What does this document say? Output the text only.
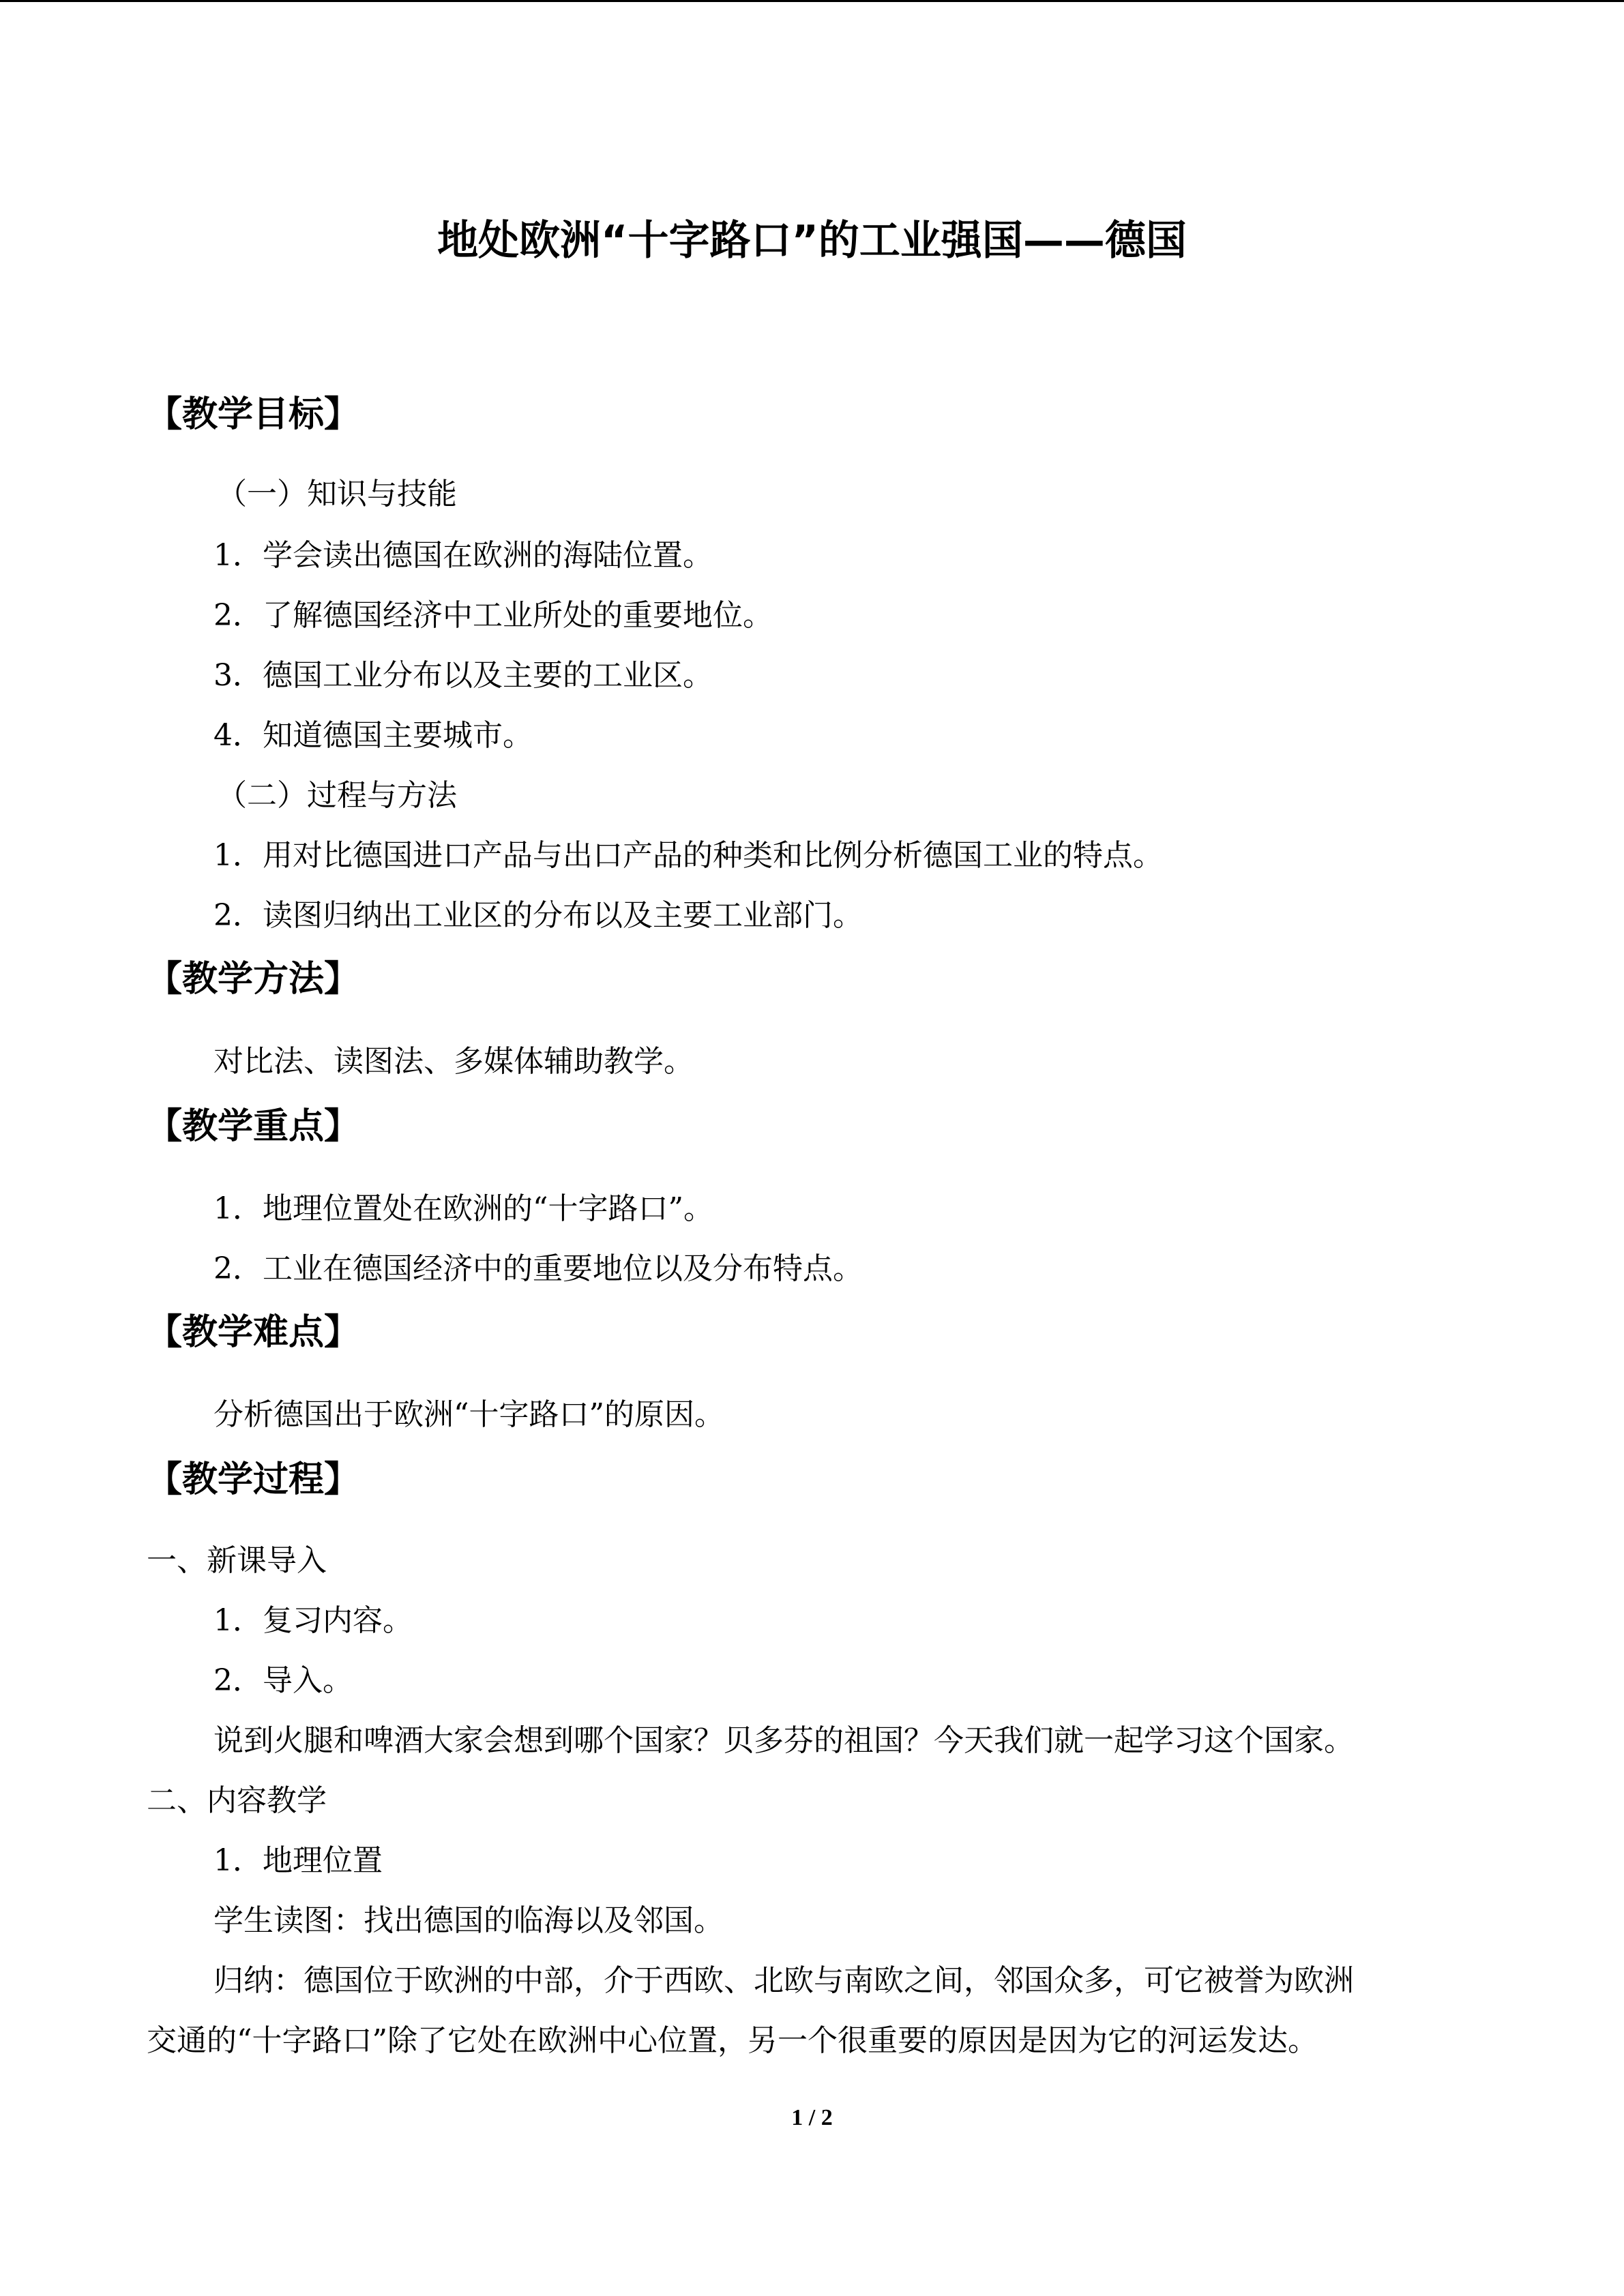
地处欧洲“十字路口”的工业强国——德国
【教学目标】
（一）知识与技能
1．学会读出德国在欧洲的海陆位置。
2．了解德国经济中工业所处的重要地位。
3．德国工业分布以及主要的工业区。
4．知道德国主要城市。
（二）过程与方法
1．用对比德国进口产品与出口产品的种类和比例分析德国工业的特点。
2．读图归纳出工业区的分布以及主要工业部门。
【教学方法】
对比法、读图法、多媒体辅助教学。
【教学重点】
1．地理位置处在欧洲的“十字路口”。
2．工业在德国经济中的重要地位以及分布特点。
【教学难点】
分析德国出于欧洲“十字路口”的原因。
【教学过程】
一、新课导入
1．复习内容。
2．导入。
说到火腿和啤酒大家会想到哪个国家？贝多芬的祖国？今天我们就一起学习这个国家。
二、内容教学
1．地理位置
学生读图：找出德国的临海以及邻国。
归纳：德国位于欧洲的中部，介于西欧、北欧与南欧之间，邻国众多，可它被誉为欧洲
交通的“十字路口”除了它处在欧洲中心位置，另一个很重要的原因是因为它的河运发达。
1 / 2
